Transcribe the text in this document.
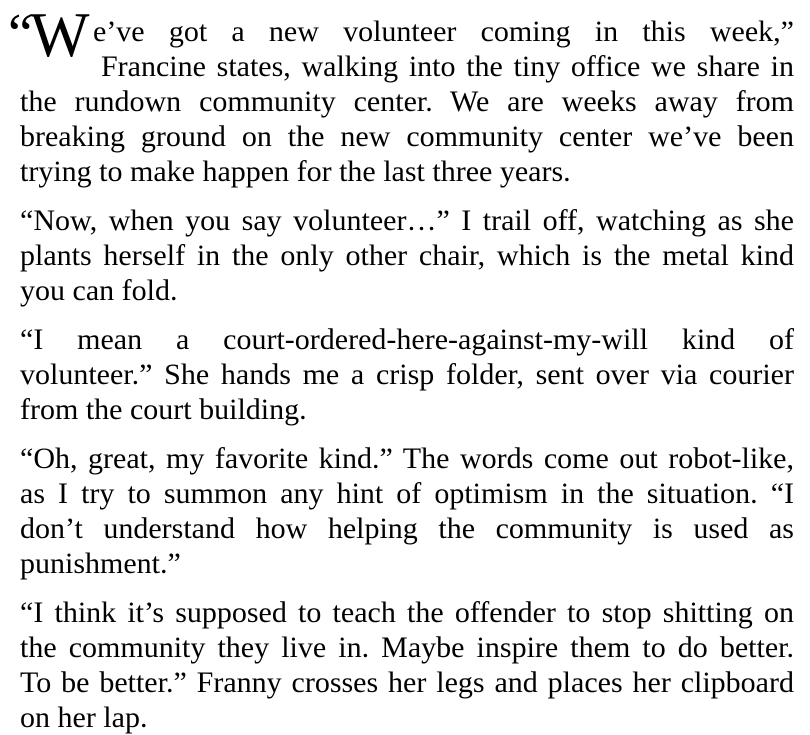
“ W e’ve got a new volunteer coming in this week,”
Francine states, walking into the tiny office we share in
the rundown community center. We are weeks away from
breaking ground on the new community center we’ve been
trying to make happen for the last three years.
“Now, when you say volunteer…” I trail off, watching as she
plants herself in the only other chair, which is the metal kind
you can fold.
“I mean a court-ordered-here-against-my-will kind of
volunteer.” She hands me a crisp folder, sent over via courier
from the court building.
“Oh, great, my favorite kind.” The words come out robot-like,
as I try to summon any hint of optimism in the situation. “I
don’t understand how helping the community is used as
punishment.”
“I think it’s supposed to teach the offender to stop shitting on
the community they live in. Maybe inspire them to do better.
To be better.” Franny crosses her legs and places her clipboard
on her lap.
